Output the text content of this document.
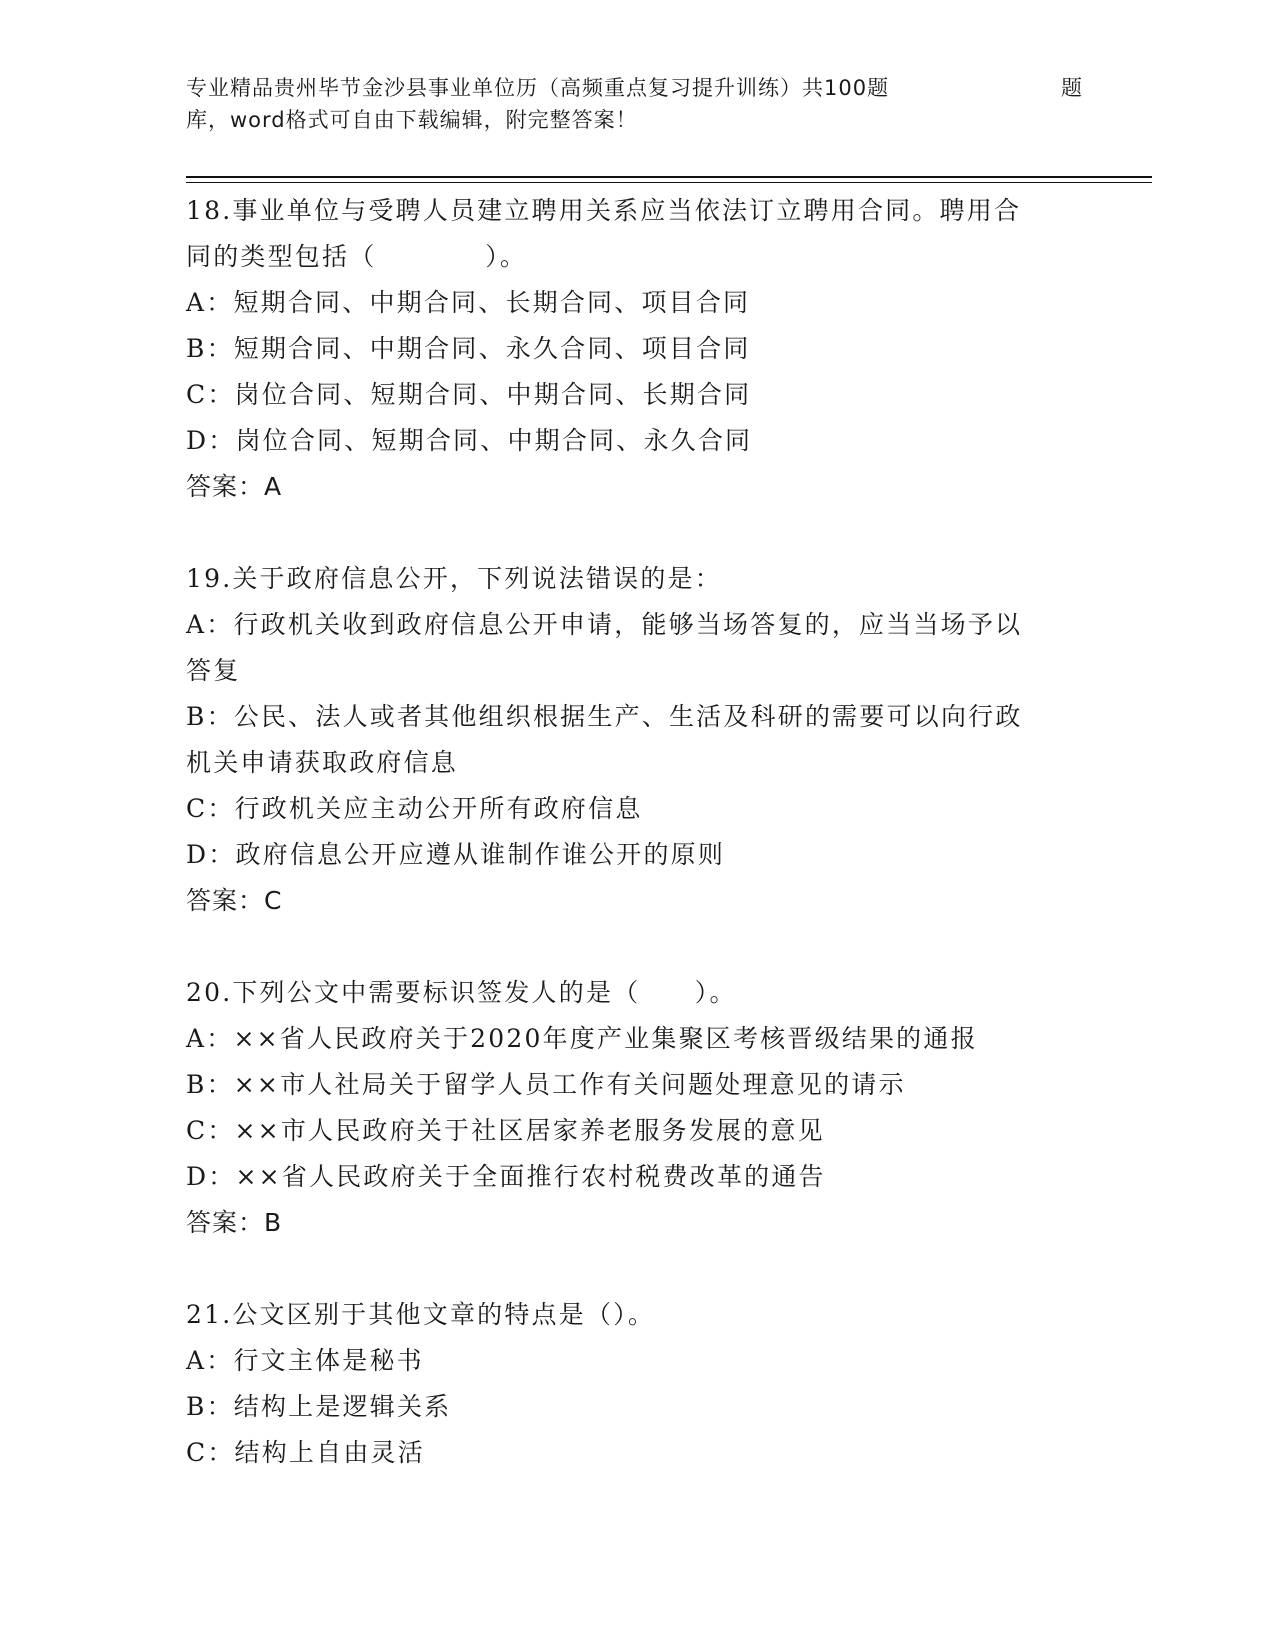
专业精品贵州毕节金沙县事业单位历（高频重点复习提升训练）共100题	题
库，word格式可自由下载编辑，附完整答案！

18.事业单位与受聘人员建立聘用关系应当依法订立聘用合同。聘用合

同的类型包括（　　　　）。

A：短期合同、中期合同、长期合同、项目合同

B：短期合同、中期合同、永久合同、项目合同

C：岗位合同、短期合同、中期合同、长期合同

D：岗位合同、短期合同、中期合同、永久合同

答案：A

19.关于政府信息公开，下列说法错误的是：

A：行政机关收到政府信息公开申请，能够当场答复的，应当当场予以

答复

B：公民、法人或者其他组织根据生产、生活及科研的需要可以向行政

机关申请获取政府信息

C：行政机关应主动公开所有政府信息

D：政府信息公开应遵从谁制作谁公开的原则

答案：C

20.下列公文中需要标识签发人的是（　　）。

A：××省人民政府关于2020年度产业集聚区考核晋级结果的通报

B：××市人社局关于留学人员工作有关问题处理意见的请示

C：××市人民政府关于社区居家养老服务发展的意见

D：××省人民政府关于全面推行农村税费改革的通告

答案：B

21.公文区别于其他文章的特点是（）。

A：行文主体是秘书

B：结构上是逻辑关系

C：结构上自由灵活
